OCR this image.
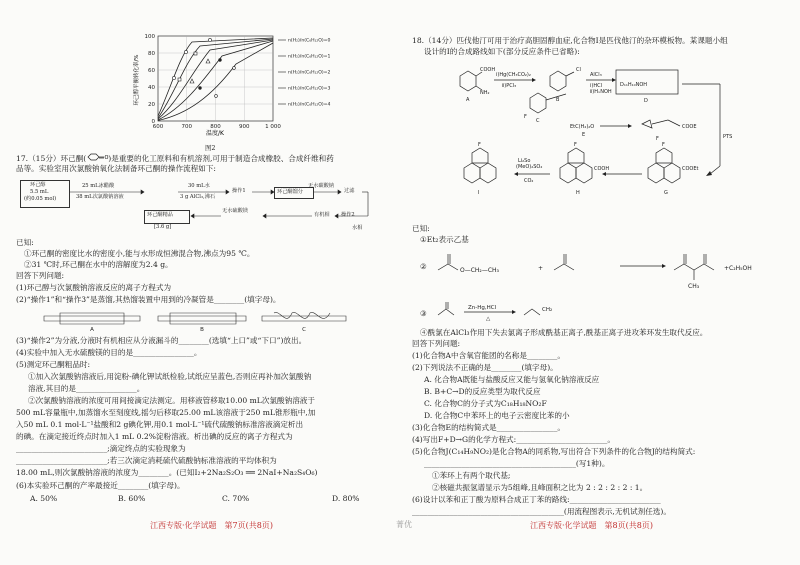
100
80
60
40
20
0
600	700	800	900	1 000
环己醇平衡转化率/%
温度/K
n(H₂)/n(C₆H₁₂O)=0
n(H₂)/n(C₆H₁₂O)=1
n(H₂)/n(C₆H₁₂O)=2
n(H₂)/n(C₆H₁₂O)=3
n(H₂)/n(C₆H₁₂O)=4
图2
17.（15分）环己酮(	O )是重要的化工原料和有机溶剂,可用于制造合成橡胶、合成纤维和药
品等。实验室用次氯酸钠氧化法制备环己酮的操作流程如下:
环己醇
5.5 mL
(约0.05 mol)
25 mL冰醋酸
38 mL次氯酸钠溶液
30 mL水
3 g AlCl₃,沸石
操作1	环己酮馏分
无水碳酸钠
过滤
环己酮精品
[3.6 g]
无水硫酸镁
有机相 操作2
水相
已知:
①环己酮的密度比水的密度小,能与水形成恒沸混合物,沸点为95 ℃。
②31 ℃时,环己酮在水中的溶解度为2.4 g。
回答下列问题:
(1)环己醇与次氯酸钠溶液反应的离子方程式为
(2)“操作1”和“操作3”是蒸馏,其热馏装置中用到的冷凝管是________(填字母)。
A	B	C
(3)“操作2”为分液,分液时有机相应从分液漏斗的________(选填“上口”或“下口”)放出。
(4)实验中加入无水硫酸镁的目的是________________。
(5)测定环己酮粗品时:
①加入次氯酸钠溶液后,用淀粉-碘化钾试纸检验,试纸应呈蓝色,否则应再补加次氯酸钠
溶液,其目的是________________。
②次氯酸钠溶液的浓度可用间接滴定法测定。用移液管移取10.00 mL次氯酸钠溶液于
500 mL容量瓶中,加蒸馏水至刻度线,摇匀后移取25.00 mL该溶液于250 mL锥形瓶中,加
入50 mL 0.1 mol·L⁻¹盐酸和2 g碘化钾,用0.1 mol·L⁻¹硫代硫酸钠标准溶液滴定析出
的碘。在滴定接近终点时加入1 mL 0.2%淀粉溶液。析出碘的反应的离子方程式为
________________________;滴定终点的实验现象为
________________________;若三次滴定消耗硫代硫酸钠标准溶液的平均体积为
18.00 mL,则次氯酸钠溶液的浓度为________。(已知I₂+2Na₂S₂O₃ ══ 2NaI+Na₂S₄O₆)
(6)本实验环己酮的产率最接近________(填字母)。
A. 50%	B. 60%	C. 70%	D. 80%
江西专版·化学试题　第7页(共8页)
18.（14分）匹伐他汀可用于治疗高胆固醇血症,化合物I是匹伐他汀的杂环模板物。某课题小组
设计的I的合成路线如下(部分反应条件已省略):
A	B
C
D
F
G
H
I
COOH
NH₂
Cl
F
ⅰ)Hg(CH₃CO₂)₂
ⅱ)PCl₃
AlCl₃
ⅰ)HCl
ⅱ)HₓNOH
D₁₁H₁₀NOH
EtC(H₂)₂O
E
COOE
PTS
COOEt
F
COOH
F
F
Li₂So
(MeO)₂SO₂
CO₂
已知:
①Et₂表示乙基
②	O—CH₂—CH₃	+	+C₂H₅OH
CH₃
③
Zn-Hg,HCl
△
CH₂
④酰氯在AlCl₃作用下失去氯离子形成酰基正离子,酰基正离子进攻苯环发生取代反应。
回答下列问题:
(1)化合物A中含氧官能团的名称是________。
(2)下列说法不正确的是________(填字母)。
A. 化合物A既能与盐酸反应又能与氢氧化钠溶液反应
B. B+C→D的反应类型为取代反应
C. 化合物C的分子式为C₁₈H₁₈NO₂F
D. 化合物C中苯环上的电子云密度比苯的小
(3)化合物E的结构简式是________________。
(4)写出F+D→G的化学方程式:________________________。
(5)化合物J(C₁₄H₉NO₂)是化合物A的同系物,写出符合下列条件的化合物J的结构简式:
________________________________________(写1种)。
①苯环上有两个取代基;
②核磁共振氢谱显示为5组峰,且峰面积之比为 2 : 2 : 2 : 2 : 1。
(6)设计以苯和正丁酸为原料合成正丁苯的路线:________________________
________________________________________(用流程图表示,无机试剂任选)。
江西专版·化学试题　第8页(共8页)
菁优
